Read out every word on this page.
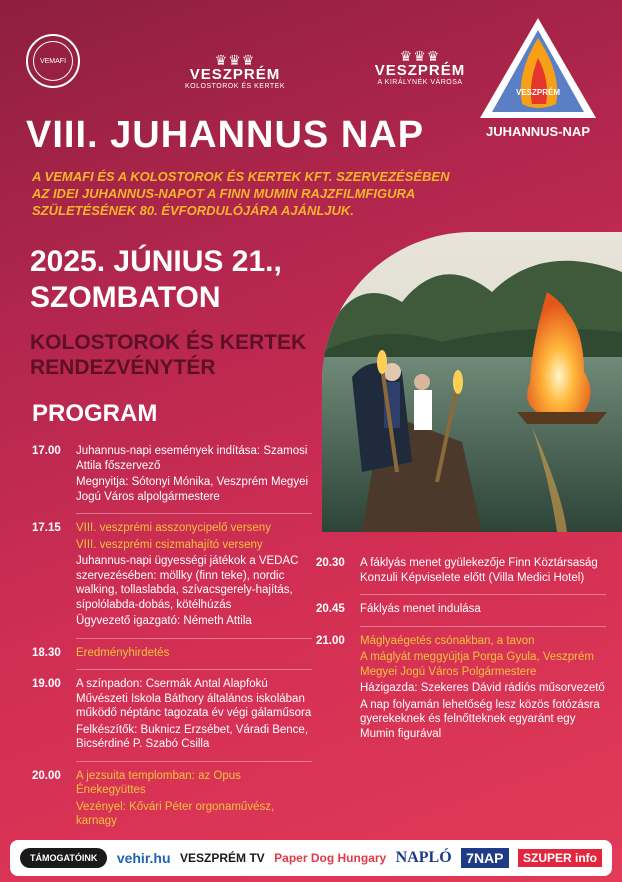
VEMAFI	♛♛♛
VESZPRÉM
KOLOSTOROK ÉS KERTEK
♛♛♛
VESZPRÉM
A KIRÁLYNÉK VÁROSA
VESZPRÉM
JUHANNUS-NAP
VIII. JUHANNUS NAP
A VEMAFI ÉS A KOLOSTOROK ÉS KERTEK KFT. SZERVEZÉSÉBEN AZ IDEI JUHANNUS-NAPOT A FINN MUMIN RAJZFILMFIGURA SZÜLETÉSÉNEK 80. ÉVFORDULÓJÁRA AJÁNLJUK.
2025. JÚNIUS 21.,
SZOMBATON
KOLOSTOROK ÉS KERTEK
RENDEZVÉNYTÉR
PROGRAM
17.00	Juhannus-napi események indítása: Szamosi Attila főszervező
Megnyitja: Sótonyi Mónika, Veszprém Megyei Jogú Város alpolgármestere
17.15	VIII. veszprémi asszonycipelő verseny
VIII. veszprémi csizmahajító verseny
Juhannus-napi ügyességi játékok a VEDAC szervezésében: möllky (finn teke), nordic walking, tollaslabda, szívacsgerely-hajítás, sípolólabda-dobás, kötélhúzás
Ügyvezető igazgató: Németh Attila
18.30	Eredményhirdetés
19.00	A színpadon: Csermák Antal Alapfokú Művészeti Iskola Báthory általános iskolában működő néptánc tagozata év végi gálaműsora
Felkészítők: Buknicz Erzsébet, Váradi Bence, Bicsérdiné P. Szabó Csilla
20.00	A jezsuita templomban: az Opus Énekegyüttes
Vezényel: Kővári Péter orgonaművész, karnagy
20.30	A fáklyás menet gyülekezője Finn Köztársaság Konzuli Képviselete előtt (Villa Medici Hotel)
20.45	Fáklyás menet indulása
21.00	Máglyaégetés csónakban, a tavon
A máglyát meggyújtja Porga Gyula, Veszprém Megyei Jogú Város Polgármestere
Házigazda: Szekeres Dávid rádiós műsorvezető
A nap folyamán lehetőség lesz közös fotózásra gyerekeknek és felnőtteknek egyaránt egy Mumin figurával
TÁMOGATÓINK	vehir.hu VESZPRÉM TV Paper Dog Hungary NAPLÓ	7NAP	SZUPER info
